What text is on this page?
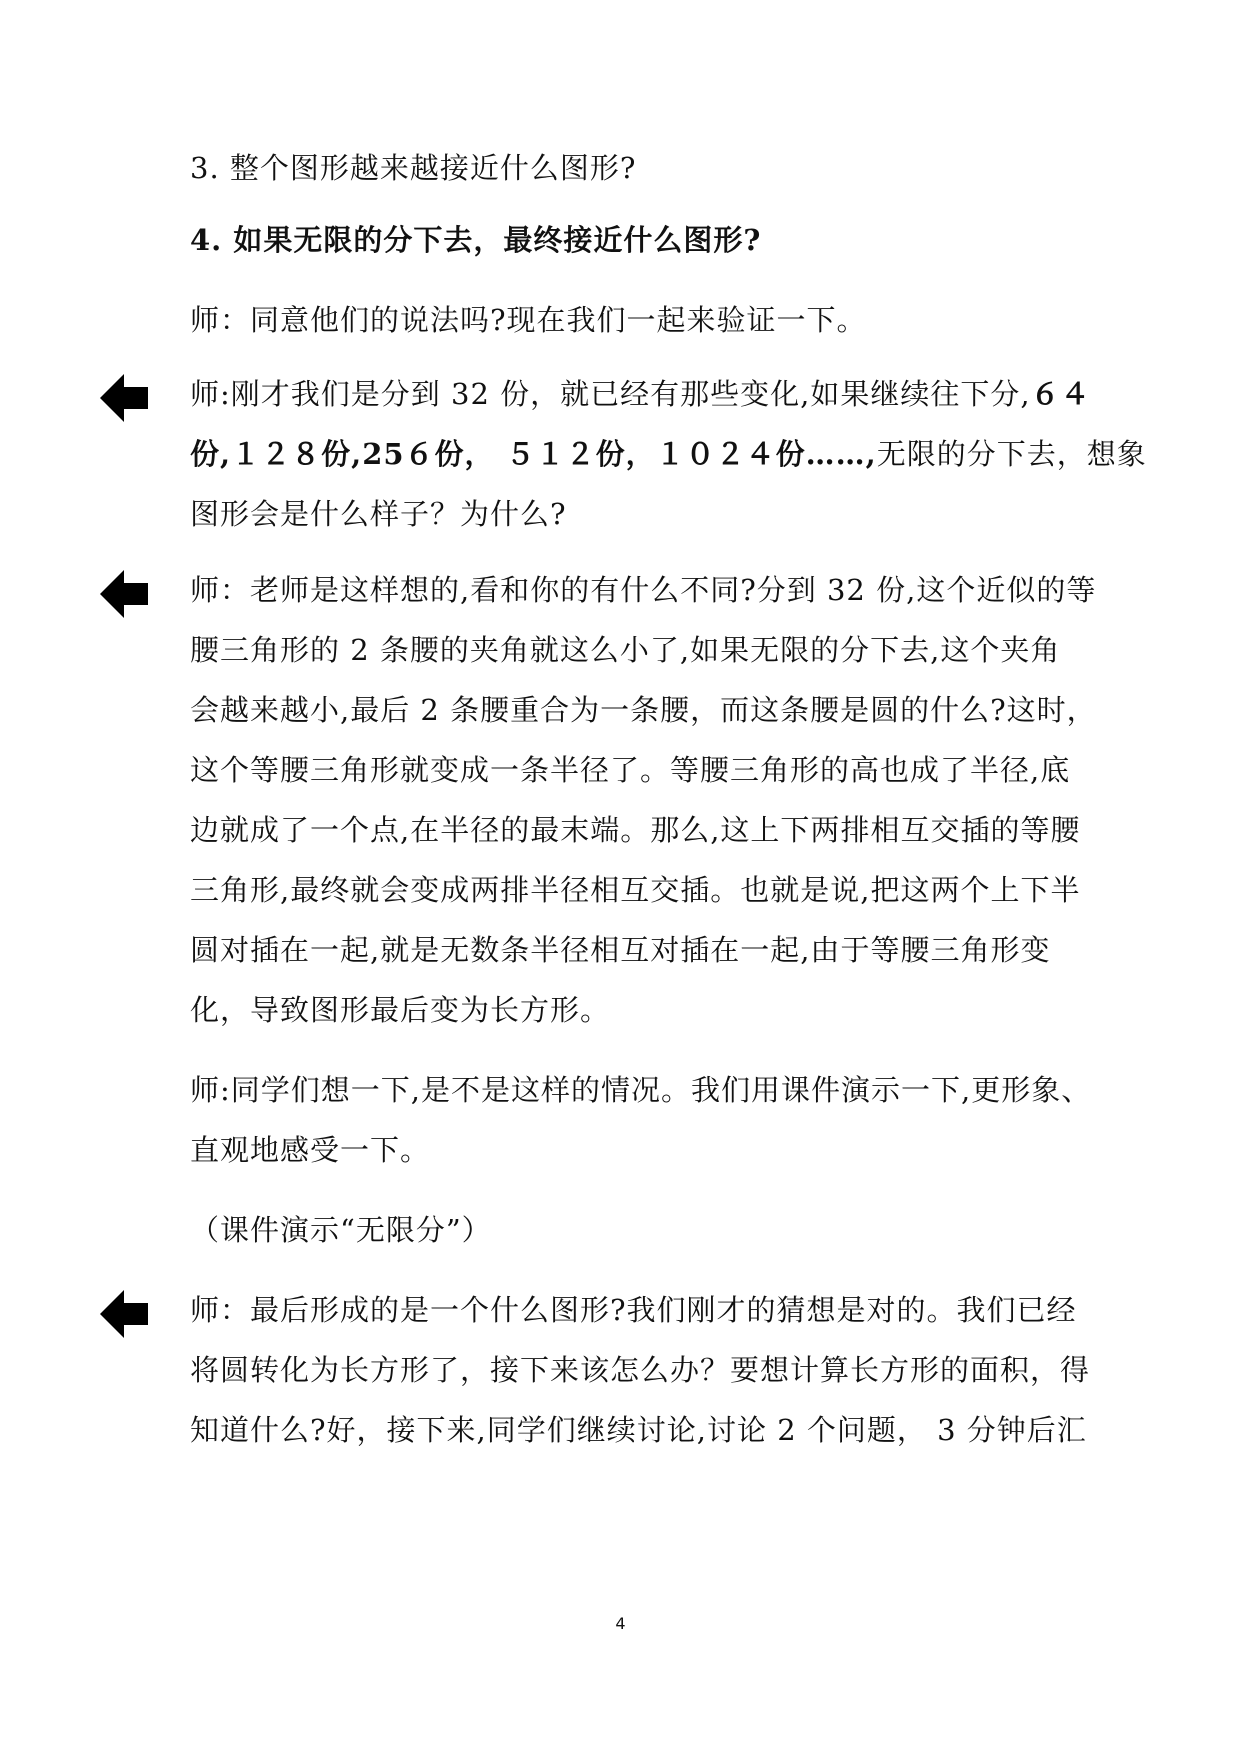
3. 整个图形越来越接近什么图形?
4. 如果无限的分下去，最终接近什么图形?
师：同意他们的说法吗?现在我们一起来验证一下。
师:刚才我们是分到 32 份，就已经有那些变化,如果继续往下分,６４
份,１２８份,25６份， ５１２份，１０２４份……,无限的分下去，想象
图形会是什么样子？为什么?
师：老师是这样想的,看和你的有什么不同?分到 32 份,这个近似的等
腰三角形的 2 条腰的夹角就这么小了,如果无限的分下去,这个夹角
会越来越小,最后 2 条腰重合为一条腰，而这条腰是圆的什么?这时，
这个等腰三角形就变成一条半径了。等腰三角形的高也成了半径,底
边就成了一个点,在半径的最末端。那么,这上下两排相互交插的等腰
三角形,最终就会变成两排半径相互交插。也就是说,把这两个上下半
圆对插在一起,就是无数条半径相互对插在一起,由于等腰三角形变
化，导致图形最后变为长方形。
师:同学们想一下,是不是这样的情况。我们用课件演示一下,更形象、
直观地感受一下。
（课件演示“无限分”）
师：最后形成的是一个什么图形?我们刚才的猜想是对的。我们已经
将圆转化为长方形了，接下来该怎么办？要想计算长方形的面积，得
知道什么?好，接下来,同学们继续讨论,讨论 2 个问题， 3 分钟后汇
4
